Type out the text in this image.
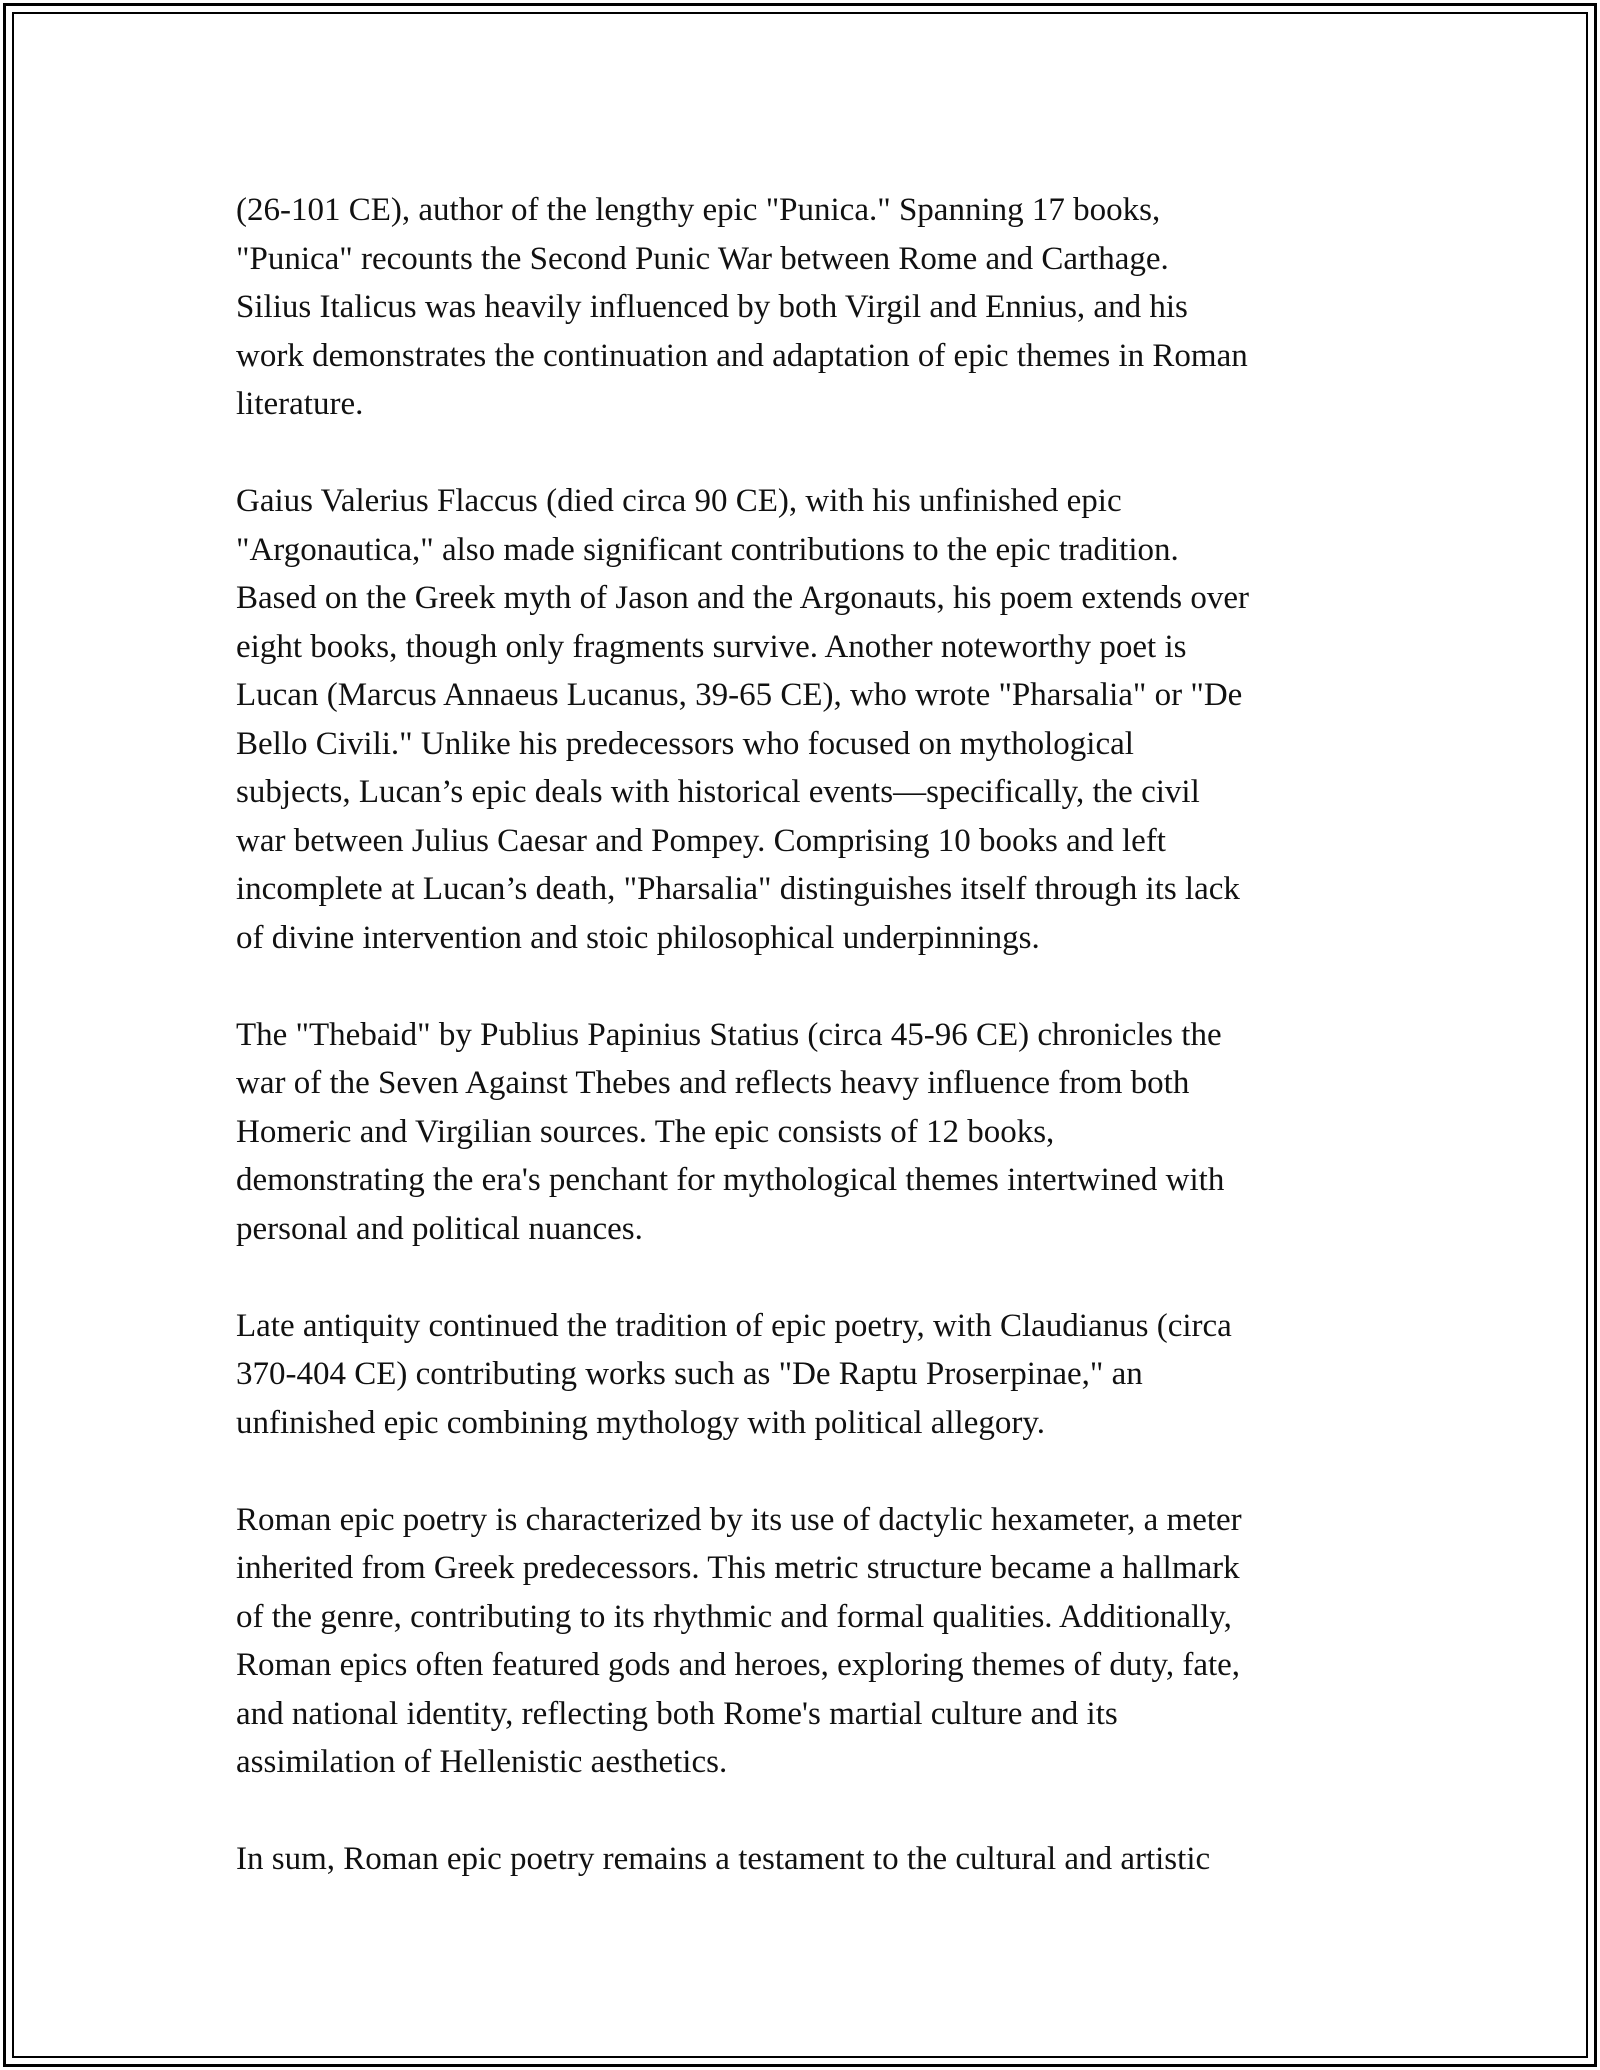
(26-101 CE), author of the lengthy epic "Punica." Spanning 17 books,
"Punica" recounts the Second Punic War between Rome and Carthage.
Silius Italicus was heavily influenced by both Virgil and Ennius, and his
work demonstrates the continuation and adaptation of epic themes in Roman
literature.

Gaius Valerius Flaccus (died circa 90 CE), with his unfinished epic
"Argonautica," also made significant contributions to the epic tradition.
Based on the Greek myth of Jason and the Argonauts, his poem extends over
eight books, though only fragments survive. Another noteworthy poet is
Lucan (Marcus Annaeus Lucanus, 39-65 CE), who wrote "Pharsalia" or "De
Bello Civili." Unlike his predecessors who focused on mythological
subjects, Lucan’s epic deals with historical events—specifically, the civil
war between Julius Caesar and Pompey. Comprising 10 books and left
incomplete at Lucan’s death, "Pharsalia" distinguishes itself through its lack
of divine intervention and stoic philosophical underpinnings.

The "Thebaid" by Publius Papinius Statius (circa 45-96 CE) chronicles the
war of the Seven Against Thebes and reflects heavy influence from both
Homeric and Virgilian sources. The epic consists of 12 books,
demonstrating the era's penchant for mythological themes intertwined with
personal and political nuances.

Late antiquity continued the tradition of epic poetry, with Claudianus (circa
370-404 CE) contributing works such as "De Raptu Proserpinae," an
unfinished epic combining mythology with political allegory.

Roman epic poetry is characterized by its use of dactylic hexameter, a meter
inherited from Greek predecessors. This metric structure became a hallmark
of the genre, contributing to its rhythmic and formal qualities. Additionally,
Roman epics often featured gods and heroes, exploring themes of duty, fate,
and national identity, reflecting both Rome's martial culture and its
assimilation of Hellenistic aesthetics.

In sum, Roman epic poetry remains a testament to the cultural and artistic
